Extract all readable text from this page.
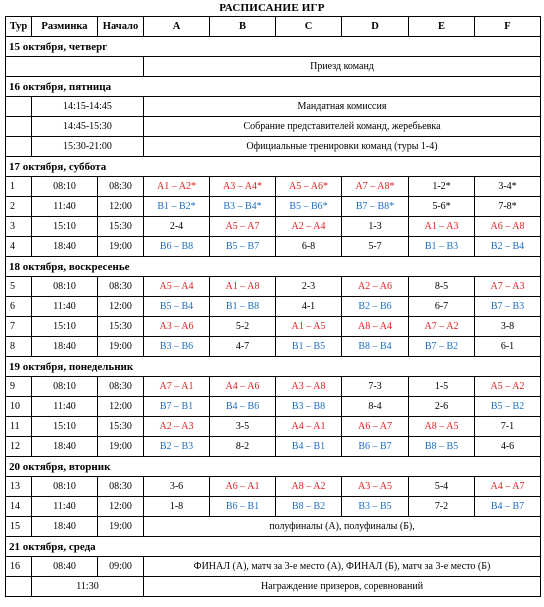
РАСПИСАНИЕ ИГР
Тур	Разминка	Начало	A	B	C	D	E	F
15 октября, четверг								
			Приезд команд					
16 октября, пятница								
	14:15-14:45		Мандатная комиссия					
	14:45-15:30		Собрание представителей команд, жеребьевка					
	15:30-21:00		Официальные тренировки команд (туры 1-4)					
17 октября, суббота								
1	08:10	08:30	A1 – A2*	A3 – A4*	A5 – A6*	A7 – A8*	1-2*	3-4*
2	11:40	12:00	B1 – B2*	B3 – B4*	B5 – B6*	B7 – B8*	5-6*	7-8*
3	15:10	15:30	2-4	A5 – A7	A2 – A4	1-3	A1 – A3	A6 – A8
4	18:40	19:00	B6 – B8	B5 – B7	6-8	5-7	B1 – B3	B2 – B4
18 октября, воскресенье								
5	08:10	08:30	A5 – A4	A1 – A8	2-3	A2 – A6	8-5	A7 – A3
6	11:40	12:00	B5 – B4	B1 – B8	4-1	B2 – B6	6-7	B7 – B3
7	15:10	15:30	A3 – A6	5-2	A1 – A5	A8 – A4	A7 – A2	3-8
8	18:40	19:00	B3 – B6	4-7	B1 – B5	B8 – B4	B7 – B2	6-1
19 октября, понедельник								
9	08:10	08:30	A7 – A1	A4 – A6	A3 – A8	7-3	1-5	A5 – A2
10	11:40	12:00	B7 – B1	B4 – B6	B3 – B8	8-4	2-6	B5 – B2
11	15:10	15:30	A2 – A3	3-5	A4 – A1	A6 – A7	A8 – A5	7-1
12	18:40	19:00	B2 – B3	8-2	B4 – B1	B6 – B7	B8 – B5	4-6
20 октября, вторник								
13	08:10	08:30	3-6	A6 – A1	A8 – A2	A3 – A5	5-4	A4 – A7
14	11:40	12:00	1-8	B6 – B1	B8 – B2	B3 – B5	7-2	B4 – B7
15	18:40	19:00	полуфиналы (А), полуфиналы (Б),					
21 октября, среда								
16	08:40	09:00	ФИНАЛ (А), матч за 3-е место (А), ФИНАЛ (Б), матч за 3-е место (Б)					
	11:30		Награждение призеров, соревнований					
